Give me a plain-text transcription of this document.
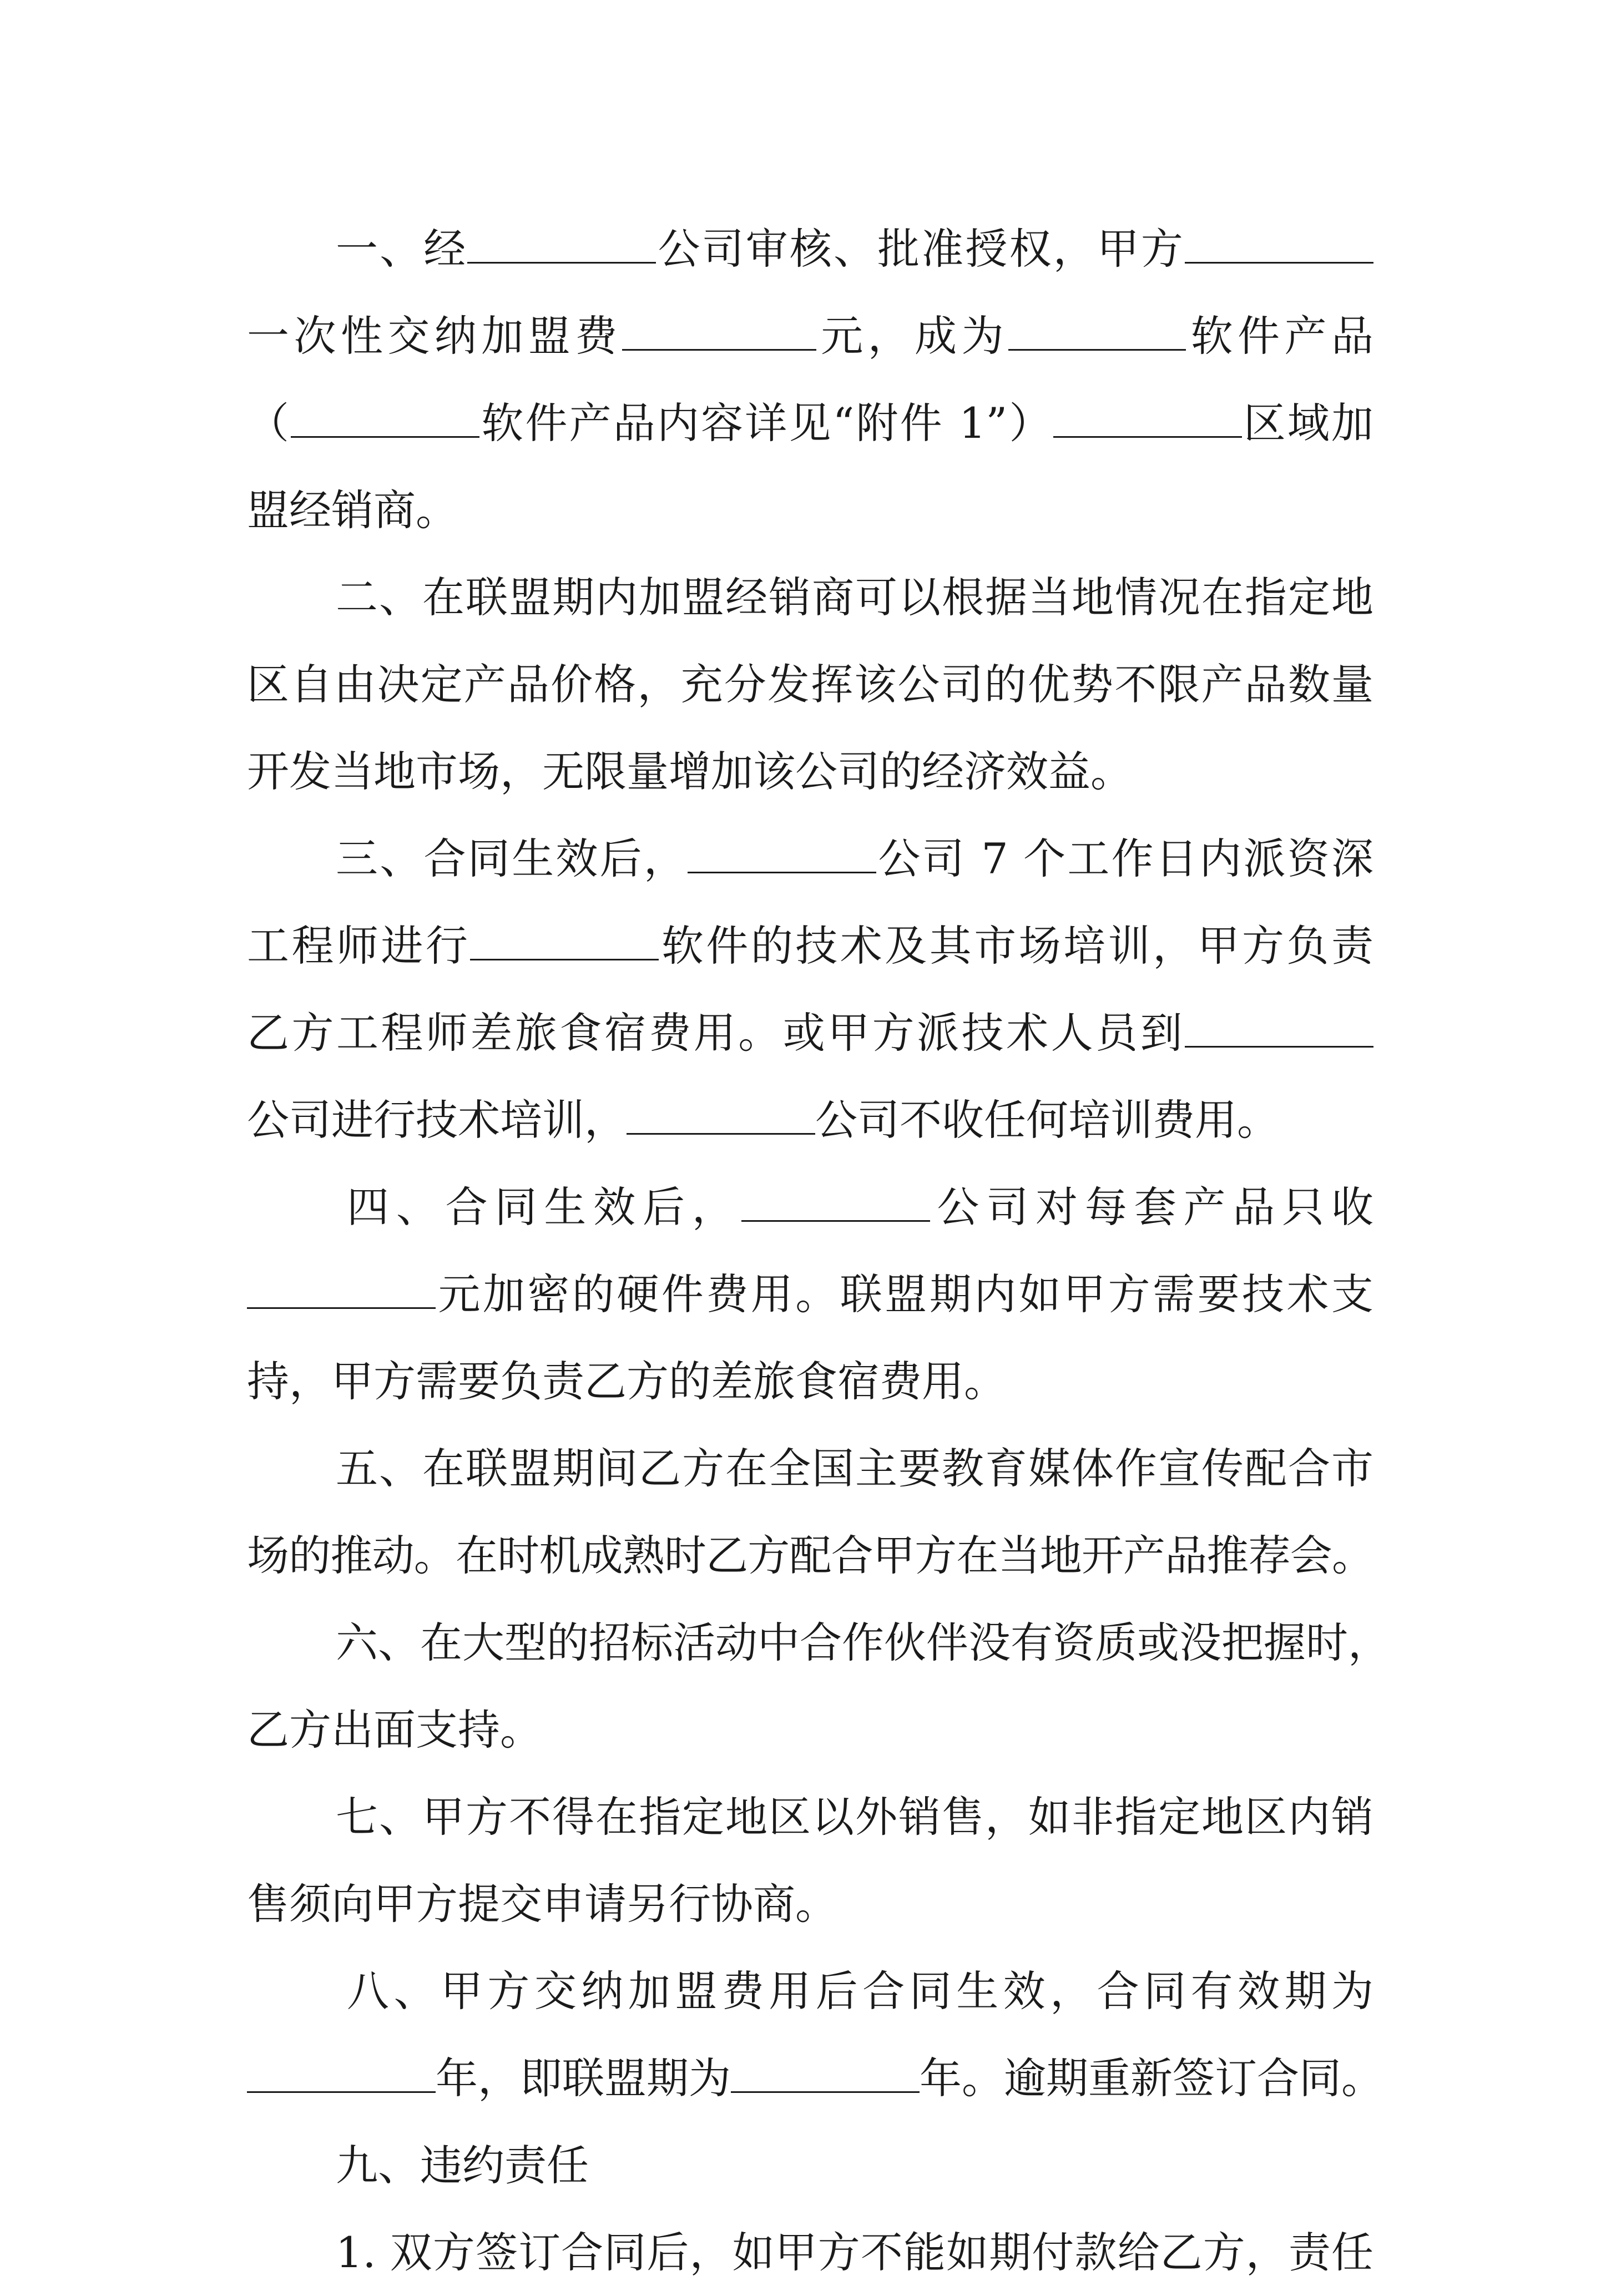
一、经	公司审核、批准授权，甲方
一次性交纳加盟费	元，成为	软件产品
（	软件产品内容详见“附件 1”）	区域加
盟经销商。
二、在联盟期内加盟经销商可以根据当地情况在指定地
区自由决定产品价格，充分发挥该公司的优势不限产品数量
开发当地市场，无限量增加该公司的经济效益。
三、合同生效后，	公司 7 个工作日内派资深
工程师进行	软件的技术及其市场培训，甲方负责
乙方工程师差旅食宿费用。或甲方派技术人员到
公司进行技术培训，	公司不收任何培训费用。
四、合同生效后，	公司对每套产品只收
元加密的硬件费用。联盟期内如甲方需要技术支
持，甲方需要负责乙方的差旅食宿费用。
五、在联盟期间乙方在全国主要教育媒体作宣传配合市
场的推动。在时机成熟时乙方配合甲方在当地开产品推荐会。
六、在大型的招标活动中合作伙伴没有资质或没把握时，
乙方出面支持。
七、甲方不得在指定地区以外销售，如非指定地区内销
售须向甲方提交申请另行协商。
八、甲方交纳加盟费用后合同生效，合同有效期为
年，即联盟期为	年。逾期重新签订合同。
九、违约责任
1. 双方签订合同后，如甲方不能如期付款给乙方，责任
